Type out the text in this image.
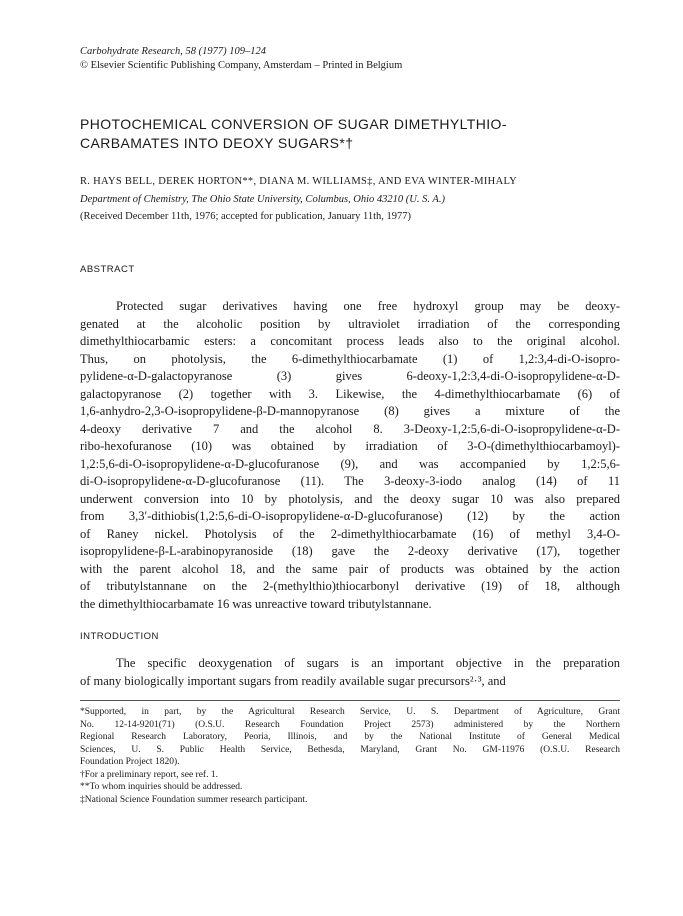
Carbohydrate Research, 58 (1977) 109–124
© Elsevier Scientific Publishing Company, Amsterdam – Printed in Belgium
PHOTOCHEMICAL CONVERSION OF SUGAR DIMETHYLTHIO-
CARBAMATES INTO DEOXY SUGARS*†
R. HAYS BELL, DEREK HORTON**, DIANA M. WILLIAMS‡, AND EVA WINTER-MIHALY
Department of Chemistry, The Ohio State University, Columbus, Ohio 43210 (U. S. A.)
(Received December 11th, 1976; accepted for publication, January 11th, 1977)
ABSTRACT
Protected sugar derivatives having one free hydroxyl group may be deoxy-
genated at the alcoholic position by ultraviolet irradiation of the corresponding
dimethylthiocarbamic esters: a concomitant process leads also to the original alcohol.
Thus, on photolysis, the 6-dimethylthiocarbamate (1) of 1,2:3,4-di-O-isopro-
pylidene-α-D-galactopyranose (3) gives 6-deoxy-1,2:3,4-di-O-isopropylidene-α-D-
galactopyranose (2) together with 3. Likewise, the 4-dimethylthiocarbamate (6) of
1,6-anhydro-2,3-O-isopropylidene-β-D-mannopyranose (8) gives a mixture of the
4-deoxy derivative 7 and the alcohol 8. 3-Deoxy-1,2:5,6-di-O-isopropylidene-α-D-
ribo-hexofuranose (10) was obtained by irradiation of 3-O-(dimethylthiocarbamoyl)-
1,2:5,6-di-O-isopropylidene-α-D-glucofuranose (9), and was accompanied by 1,2:5,6-
di-O-isopropylidene-α-D-glucofuranose (11). The 3-deoxy-3-iodo analog (14) of 11
underwent conversion into 10 by photolysis, and the deoxy sugar 10 was also prepared
from 3,3′-dithiobis(1,2:5,6-di-O-isopropylidene-α-D-glucofuranose) (12) by the action
of Raney nickel. Photolysis of the 2-dimethylthiocarbamate (16) of methyl 3,4-O-
isopropylidene-β-L-arabinopyranoside (18) gave the 2-deoxy derivative (17), together
with the parent alcohol 18, and the same pair of products was obtained by the action
of tributylstannane on the 2-(methylthio)thiocarbonyl derivative (19) of 18, although
the dimethylthiocarbamate 16 was unreactive toward tributylstannane.
INTRODUCTION
The specific deoxygenation of sugars is an important objective in the preparation
of many biologically important sugars from readily available sugar precursors²·³, and
*Supported, in part, by the Agricultural Research Service, U. S. Department of Agriculture, Grant
No. 12-14-9201(71) (O.S.U. Research Foundation Project 2573) administered by the Northern
Regional Research Laboratory, Peoria, Illinois, and by the National Institute of General Medical
Sciences, U. S. Public Health Service, Bethesda, Maryland, Grant No. GM-11976 (O.S.U. Research
Foundation Project 1820).
†For a preliminary report, see ref. 1.
**To whom inquiries should be addressed.
‡National Science Foundation summer research participant.
